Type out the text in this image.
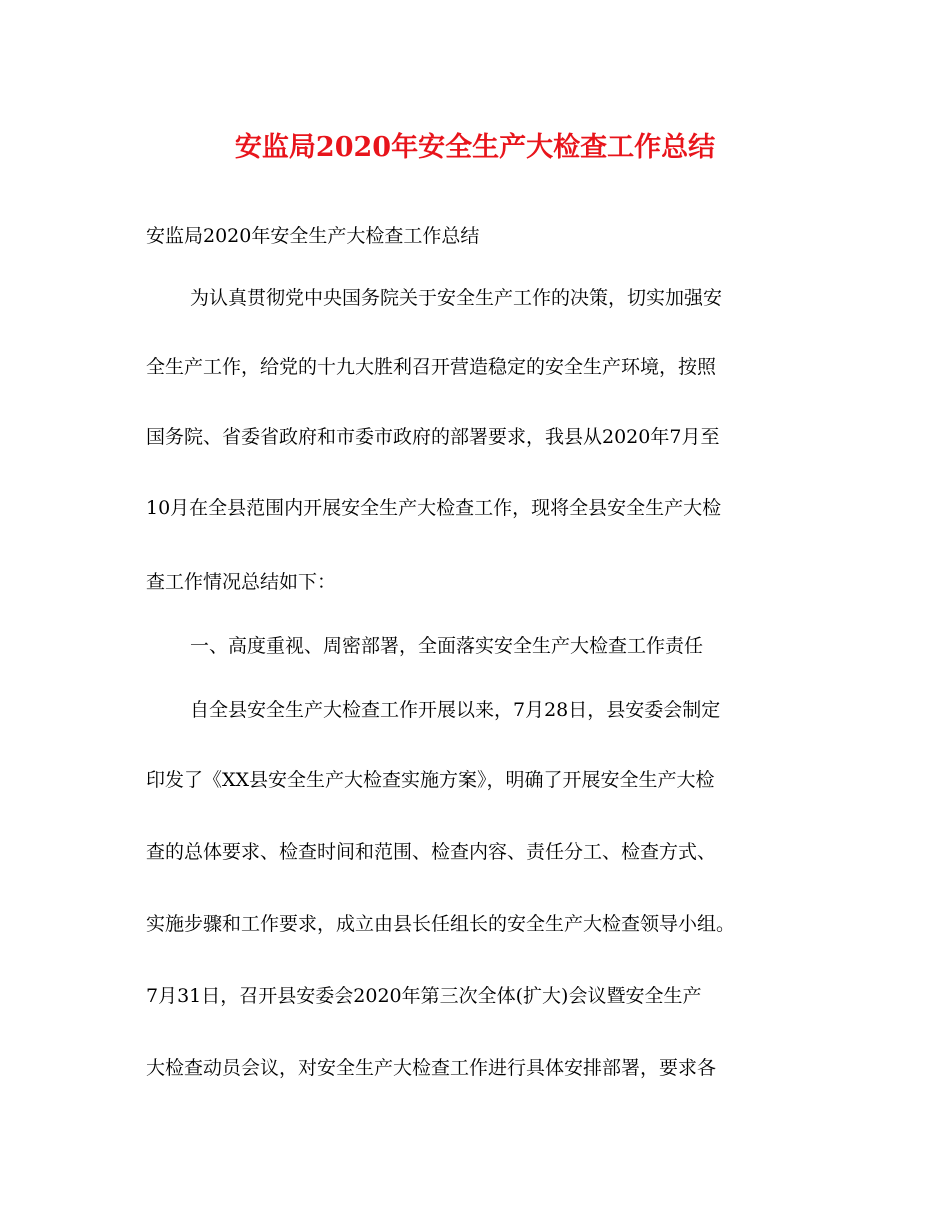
安监局2020年安全生产大检查工作总结
安监局2020年安全生产大检查工作总结
为认真贯彻党中央国务院关于安全生产工作的决策，切实加强安
全生产工作，给党的十九大胜利召开营造稳定的安全生产环境，按照
国务院、省委省政府和市委市政府的部署要求，我县从2020年7月至
10月在全县范围内开展安全生产大检查工作，现将全县安全生产大检
查工作情况总结如下：
一、高度重视、周密部署，全面落实安全生产大检查工作责任
自全县安全生产大检查工作开展以来，7月28日，县安委会制定
印发了《XX县安全生产大检查实施方案》，明确了开展安全生产大检
查的总体要求、检查时间和范围、检查内容、责任分工、检查方式、
实施步骤和工作要求，成立由县长任组长的安全生产大检查领导小组。
7月31日，召开县安委会2020年第三次全体(扩大)会议暨安全生产
大检查动员会议，对安全生产大检查工作进行具体安排部署，要求各
